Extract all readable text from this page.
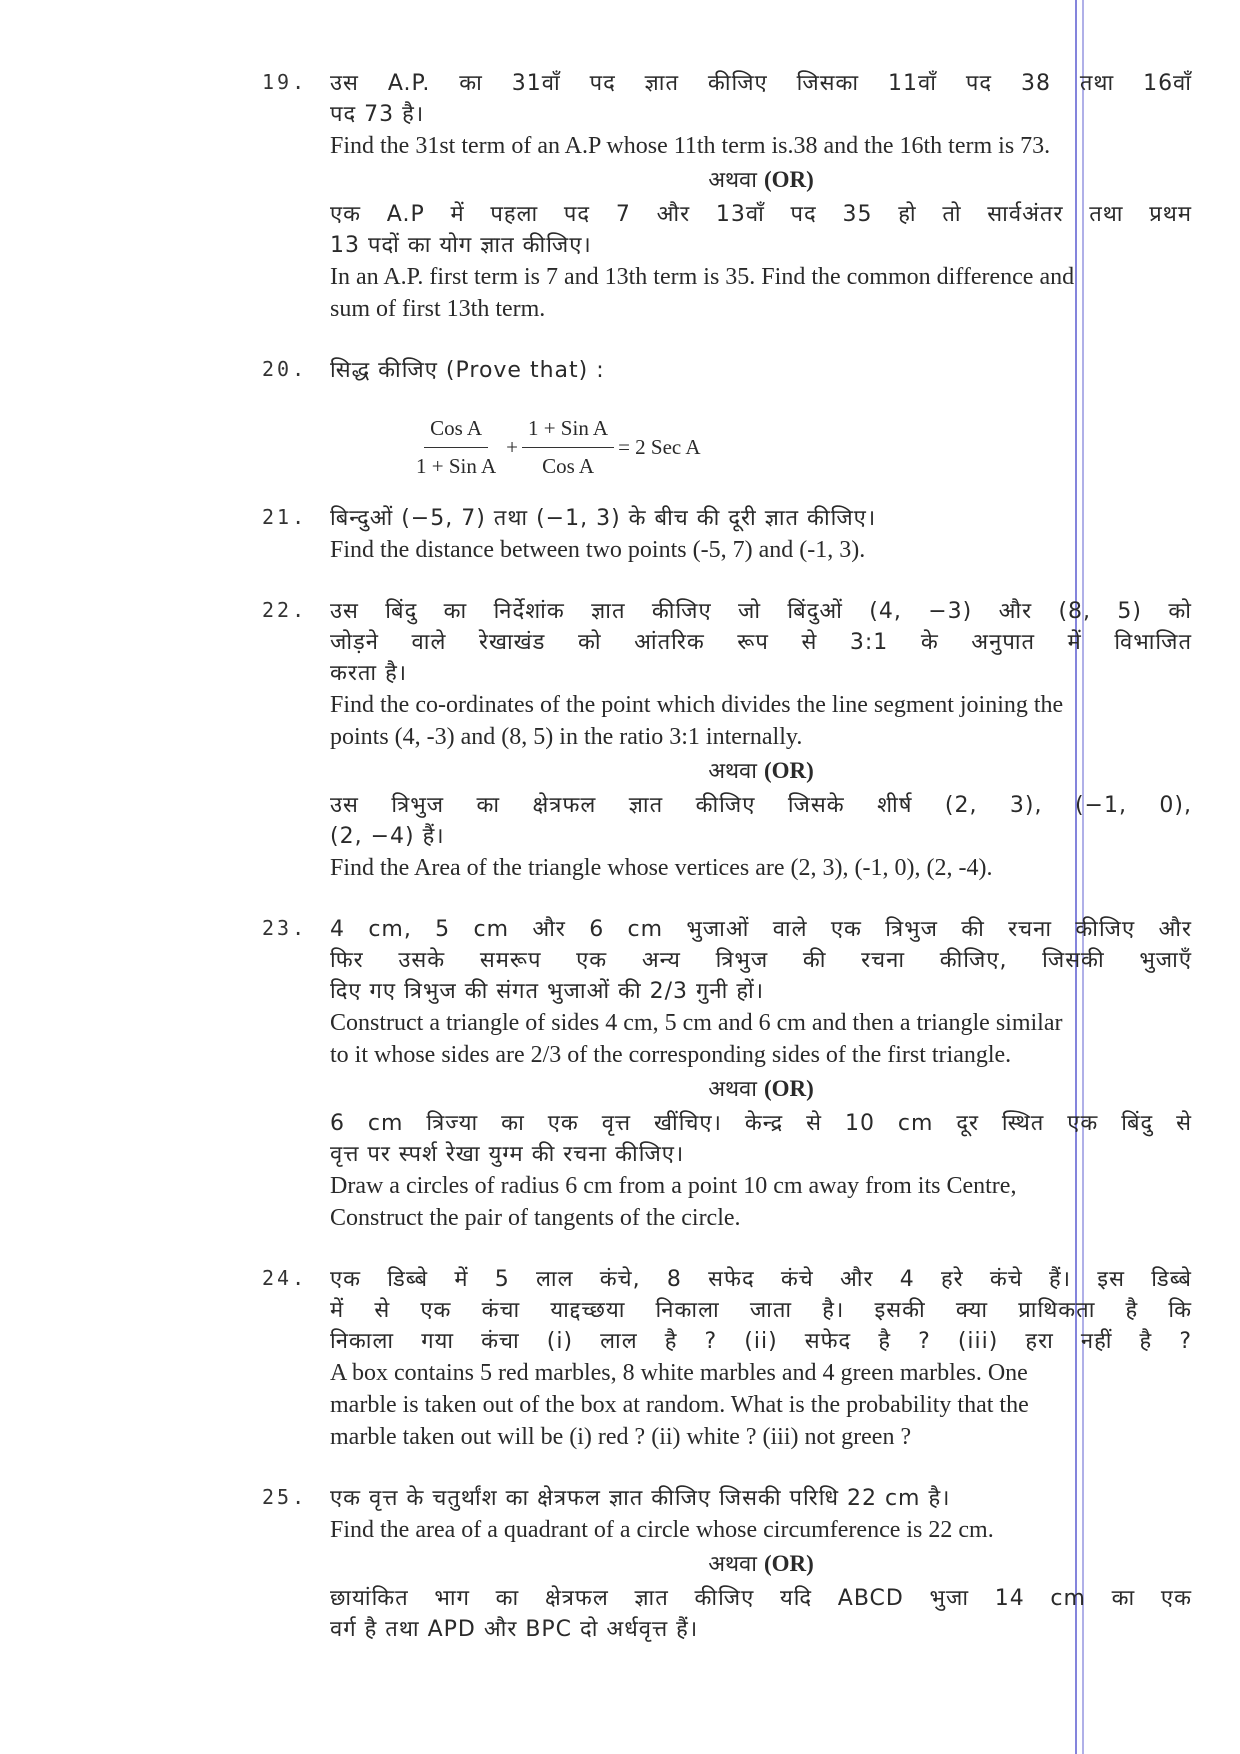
19. उस A.P. का 31वाँ पद ज्ञात कीजिए जिसका 11वाँ पद 38 तथा 16वाँ

पद 73 है।

Find the 31st term of an A.P whose 11th term is.38 and the 16th term is 73.

अथवा (OR)

एक A.P में पहला पद 7 और 13वाँ पद 35 हो तो सार्वअंतर तथा प्रथम

13 पदों का योग ज्ञात कीजिए।

In an A.P. first term is 7 and 13th term is 35. Find the common difference and

sum of first 13th term.

20. सिद्ध कीजिए (Prove that) :

$\frac{\text{Cos A}}{\text{1 + Sin A}} + \frac{\text{1 + Sin A}}{\text{Cos A}} = 2$ Sec A
21. बिन्दुओं (−5, 7) तथा (−1, 3) के बीच की दूरी ज्ञात कीजिए।

Find the distance between two points (-5, 7) and (-1, 3).

22. उस बिंदु का निर्देशांक ज्ञात कीजिए जो बिंदुओं (4, −3) और (8, 5) को

जोड़ने वाले रेखाखंड को आंतरिक रूप से 3:1 के अनुपात में विभाजित

करता है।

Find the co-ordinates of the point which divides the line segment joining the

points (4, -3) and (8, 5) in the ratio 3:1 internally.

अथवा (OR)

उस त्रिभुज का क्षेत्रफल ज्ञात कीजिए जिसके शीर्ष (2, 3), (−1, 0),

(2, −4) हैं।

Find the Area of the triangle whose vertices are (2, 3), (-1, 0), (2, -4).

23. 4 cm, 5 cm और 6 cm भुजाओं वाले एक त्रिभुज की रचना कीजिए और

फिर उसके समरूप एक अन्य त्रिभुज की रचना कीजिए, जिसकी भुजाएँ

दिए गए त्रिभुज की संगत भुजाओं की 2/3 गुनी हों।

Construct a triangle of sides 4 cm, 5 cm and 6 cm and then a triangle similar

to it whose sides are 2/3 of the corresponding sides of the first triangle.

अथवा (OR)

6 cm त्रिज्या का एक वृत्त खींचिए। केन्द्र से 10 cm दूर स्थित एक बिंदु से

वृत्त पर स्पर्श रेखा युग्म की रचना कीजिए।

Draw a circles of radius 6 cm from a point 10 cm away from its Centre,

Construct the pair of tangents of the circle.

24. एक डिब्बे में 5 लाल कंचे, 8 सफेद कंचे और 4 हरे कंचे हैं। इस डिब्बे

में से एक कंचा याद्दच्छया निकाला जाता है। इसकी क्या प्राथिकता है कि

निकाला गया कंचा (i) लाल है ? (ii) सफेद है ? (iii) हरा नहीं है ?

A box contains 5 red marbles, 8 white marbles and 4 green marbles. One

marble is taken out of the box at random. What is the probability that the

marble taken out will be (i) red ? (ii) white ? (iii) not green ?

25. एक वृत्त के चतुर्थांश का क्षेत्रफल ज्ञात कीजिए जिसकी परिधि 22 cm है।

Find the area of a quadrant of a circle whose circumference is 22 cm.

अथवा (OR)

छायांकित भाग का क्षेत्रफल ज्ञात कीजिए यदि ABCD भुजा 14 cm का एक

वर्ग है तथा APD और BPC दो अर्धवृत्त हैं।
